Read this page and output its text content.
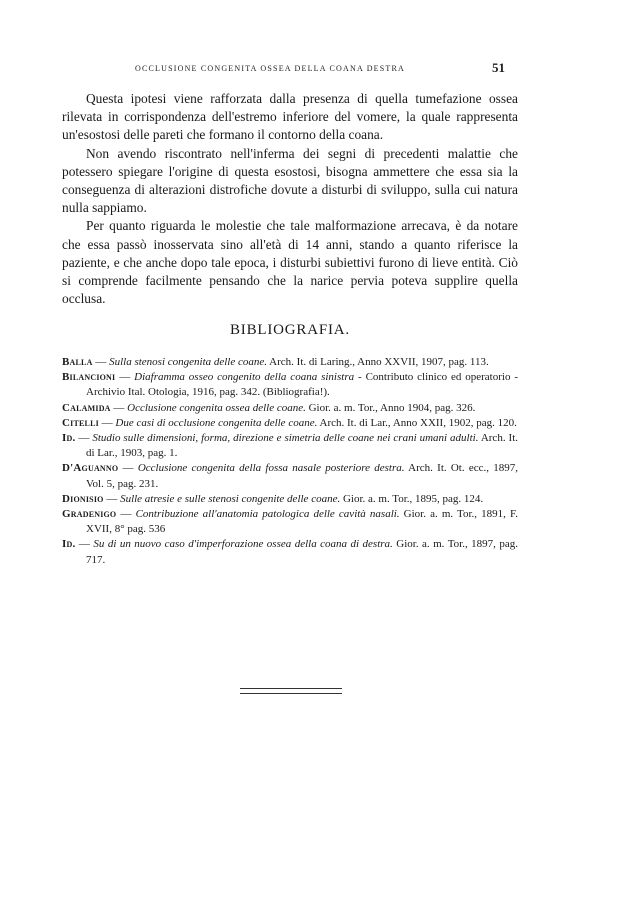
OCCLUSIONE CONGENITA OSSEA DELLA COANA DESTRA	51

Questa ipotesi viene rafforzata dalla presenza di quella tumefazione ossea rilevata in corrispondenza dell'estremo inferiore del vomere, la quale rappresenta un'esostosi delle pareti che formano il contorno della coana.

Non avendo riscontrato nell'inferma dei segni di precedenti malattie che potessero spiegare l'origine di questa esostosi, bisogna ammettere che essa sia la conseguenza di alterazioni distrofiche dovute a disturbi di sviluppo, sulla cui natura nulla sappiamo.

Per quanto riguarda le molestie che tale malformazione arrecava, è da notare che essa passò inosservata sino all'età di 14 anni, stando a quanto riferisce la paziente, e che anche dopo tale epoca, i disturbi subiettivi furono di lieve entità. Ciò si comprende facilmente pensando che la narice pervia poteva supplire quella occlusa.

BIBLIOGRAFIA.

Balla — Sulla stenosi congenita delle coane. Arch. It. di Laring., Anno XXVII, 1907, pag. 113.

Bilancioni — Diaframma osseo congenito della coana sinistra - Contributo clinico ed operatorio - Archivio Ital. Otologia, 1916, pag. 342. (Bibliografia!).

Calamida — Occlusione congenita ossea delle coane. Gior. a. m. Tor., Anno 1904, pag. 326.

Citelli — Due casi di occlusione congenita delle coane. Arch. It. di Lar., Anno XXII, 1902, pag. 120.

Id. — Studio sulle dimensioni, forma, direzione e simetria delle coane nei crani umani adulti. Arch. It. di Lar., 1903, pag. 1.

D'Aguanno — Occlusione congenita della fossa nasale posteriore destra. Arch. It. Ot. ecc., 1897, Vol. 5, pag. 231.

Dionisio — Sulle atresie e sulle stenosi congenite delle coane. Gior. a. m. Tor., 1895, pag. 124.

Gradenigo — Contribuzione all'anatomia patologica delle cavità nasali. Gior. a. m. Tor., 1891, F. XVII, 8° pag. 536

Id. — Su di un nuovo caso d'imperforazione ossea della coana di destra. Gior. a. m. Tor., 1897, pag. 717.
